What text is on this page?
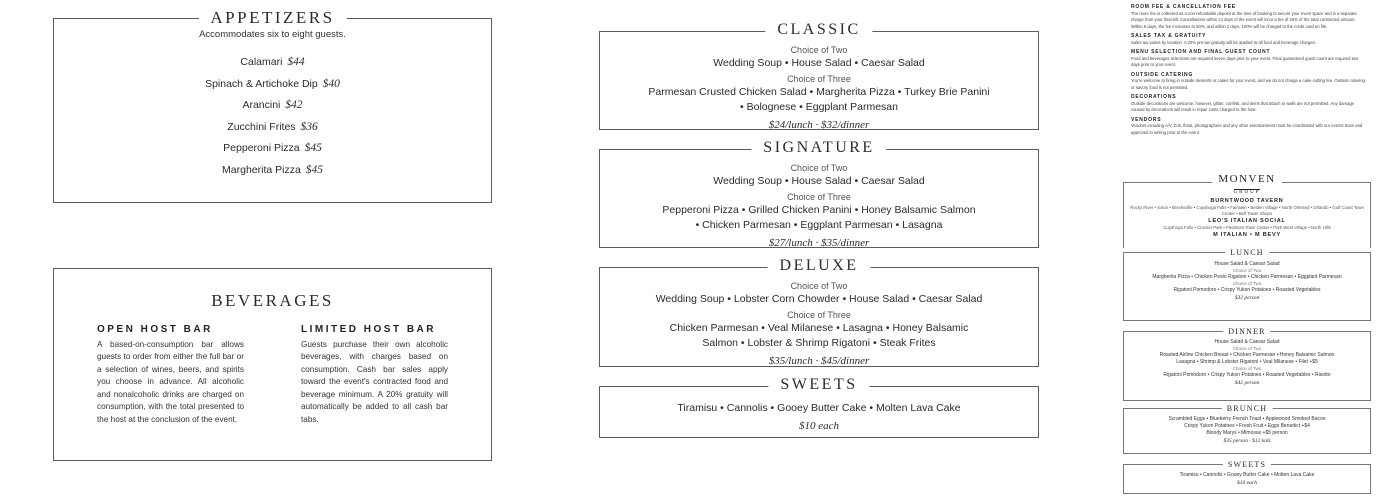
APPETIZERS
Accommodates six to eight guests.
Calamari $44
Spinach & Artichoke Dip $40
Arancini $42
Zucchini Frites $36
Pepperoni Pizza $45
Margherita Pizza $45
BEVERAGES
OPEN HOST BAR

A based-on-consumption bar allows guests to order from either the full bar or a selection of wines, beers, and spirits you choose in advance. All alcoholic and nonalcoholic drinks are charged on consumption, with the total presented to the host at the conclusion of the event.

LIMITED HOST BAR

Guests purchase their own alcoholic beverages, with charges based on consumption. Cash bar sales apply toward the event's contracted food and beverage minimum. A 20% gratuity will automatically be added to all cash bar tabs.

CLASSIC
Choice of Two
Wedding Soup • House Salad • Caesar Salad
Choice of Three
Parmesan Crusted Chicken Salad • Margherita Pizza • Turkey Brie Panini • Bolognese • Eggplant Parmesan
$24/lunch · $32/dinner
SIGNATURE
Choice of Two
Wedding Soup • House Salad • Caesar Salad
Choice of Three
Pepperoni Pizza • Grilled Chicken Panini • Honey Balsamic Salmon • Chicken Parmesan • Eggplant Parmesan • Lasagna
$27/lunch · $35/dinner
DELUXE
Choice of Two
Wedding Soup • Lobster Corn Chowder • House Salad • Caesar Salad
Choice of Three
Chicken Parmesan • Veal Milanese • Lasagna • Honey Balsamic Salmon • Lobster & Shrimp Rigatoni • Steak Frites
$35/lunch · $45/dinner
SWEETS
Tiramisu • Cannolis • Gooey Butter Cake • Molten Lava Cake
$10 each
ROOM FEE & CANCELLATION FEE

The room fee is collected as a non-refundable deposit at the time of booking to secure your event space and is a separate charge from your final bill. Cancellations within 14 days of the event will incur a fee of 25% of the total contracted amount. Within 5 days, the fee increases to 50%, and within 2 days, 100% will be charged to the credit card on file.

SALES TAX & GRATUITY

Sales tax varies by location. A 20% pre-tax gratuity will be applied to all food and beverage charges.

MENU SELECTION AND FINAL GUEST COUNT

Food and beverages selections are required seven days prior to your event. Final guaranteed guest count are required two days prior to your event.

OUTSIDE CATERING

You're welcome to bring in outside desserts or cakes for your event, and we do not charge a cake-cutting fee. Outside catering or savory food is not permitted.

DECORATIONS

Outside decorations are welcome; however, glitter, confetti, and items that attach to walls are not permitted. Any damage caused by decorations will result in repair costs charged to the host.

VENDORS

Vendors including A/V, DJs, floral, photographers and any other entertainment must be coordinated with our events team and approved in writing prior to the event.

MONVEN
GROUP
BURNTWOOD TAVERN
Rocky River • Solon • Brecksville • Cuyahoga Falls • Fairlawn • Belden Village • North Olmsted • Orlando • Gulf Coast Town Center • Bell Tower Shops
LEO'S ITALIAN SOCIAL
Cuyahoga Falls • Crocker Park • Piedmont Town Center • Park West Village • North Hills
M ITALIAN • M BEVY
LUNCH
House Salad & Caesar Salad
Choice of Two
Margherita Pizza • Chicken Pesto Rigatoni • Chicken Parmesan • Eggplant Parmesan
Choice of Two
Rigatoni Pomodoro • Crispy Yukon Potatoes • Roasted Vegetables
$32 person
DINNER
House Salad & Caesar Salad
Choice of Two
Roasted Airline Chicken Breast • Chicken Parmesan • Honey Balsamic Salmon
Lasagna • Shrimp & Lobster Rigatoni • Veal Milanese • Filet +$5
Choice of Two
Rigatoni Pomodoro • Crispy Yukon Potatoes • Roasted Vegetables • Risotto
$42 person
BRUNCH
Scrambled Eggs • Blueberry French Toast • Applewood Smoked Bacon
Crispy Yukon Potatoes • Fresh Fruit • Eggs Benedict +$4
Bloody Marys • Mimosas +$5 person
$35 person · $12 kids
SWEETS
Tiramisu • Cannolis • Gooey Butter Cake • Molten Lava Cake
$10 each
